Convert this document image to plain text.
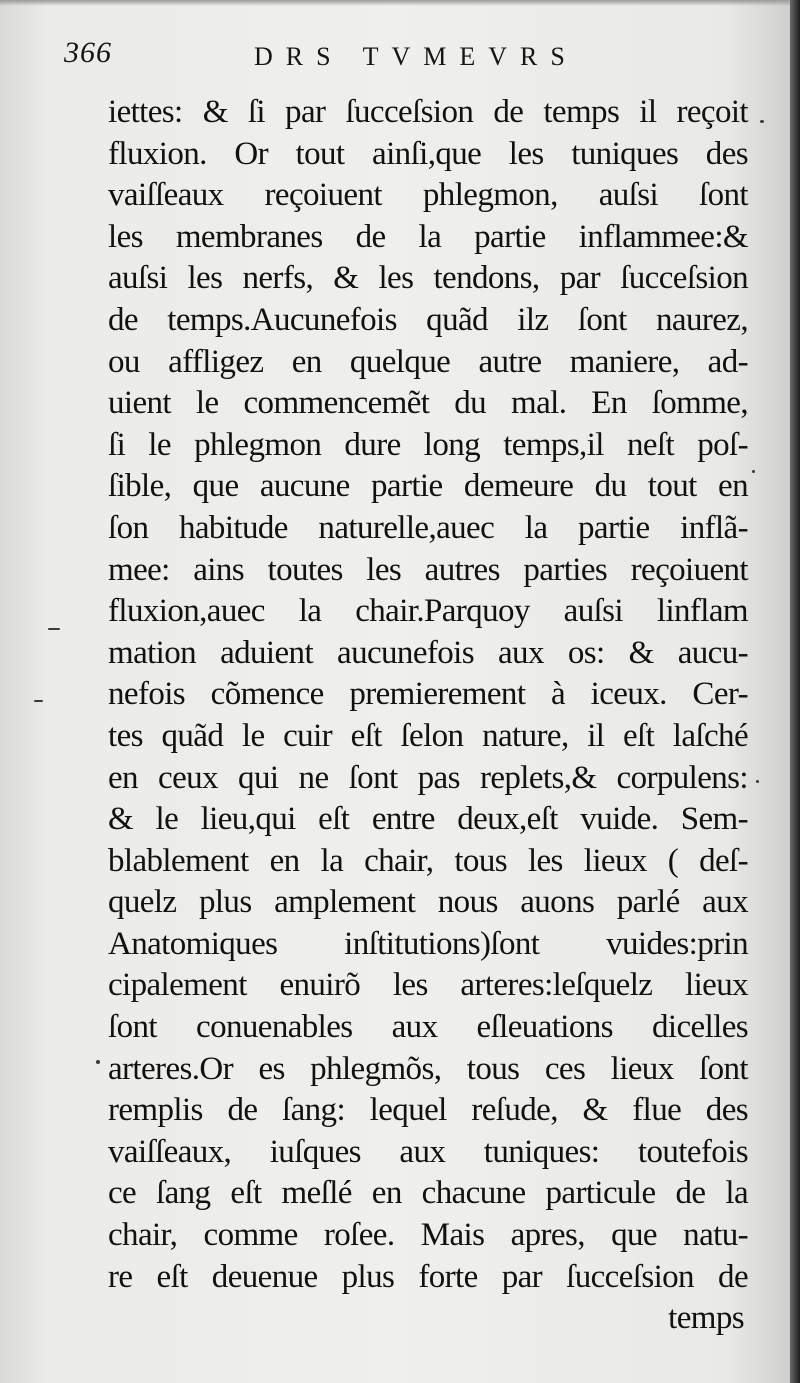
366	DRS TVMEVRS
iettes: & ſi par ſucceſsion de temps il reçoit
fluxion. Or tout ainſi,que les tuniques des
vaiſſeaux reçoiuent phlegmon, auſsi ſont
les membranes de la partie inflammee:&
auſsi les nerfs, & les tendons, par ſucceſsion
de temps.Aucunefois quãd ilz ſont naurez,
ou affligez en quelque autre maniere, ad-
uient le commencemẽt du mal. En ſomme,
ſi le phlegmon dure long temps,il neſt poſ-
ſible, que aucune partie demeure du tout en
ſon habitude naturelle,auec la partie inflã-
mee: ains toutes les autres parties reçoiuent
fluxion,auec la chair.Parquoy auſsi linflam
mation aduient aucunefois aux os: & aucu-
nefois cõmence premierement à iceux. Cer-
tes quãd le cuir eſt ſelon nature, il eſt laſché
en ceux qui ne ſont pas replets,& corpulens:
& le lieu,qui eſt entre deux,eſt vuide. Sem-
blablement en la chair, tous les lieux ( deſ-
quelz plus amplement nous auons parlé aux
Anatomiques inſtitutions)ſont vuides:prin
cipalement enuirõ les arteres:leſquelz lieux
ſont conuenables aux eſleuations dicelles
arteres.Or es phlegmõs, tous ces lieux ſont
remplis de ſang: lequel reſude, & flue des
vaiſſeaux, iuſques aux tuniques: toutefois
ce ſang eſt meſlé en chacune particule de la
chair, comme roſee. Mais apres, que natu-
re eſt deuenue plus forte par ſucceſsion de
temps
